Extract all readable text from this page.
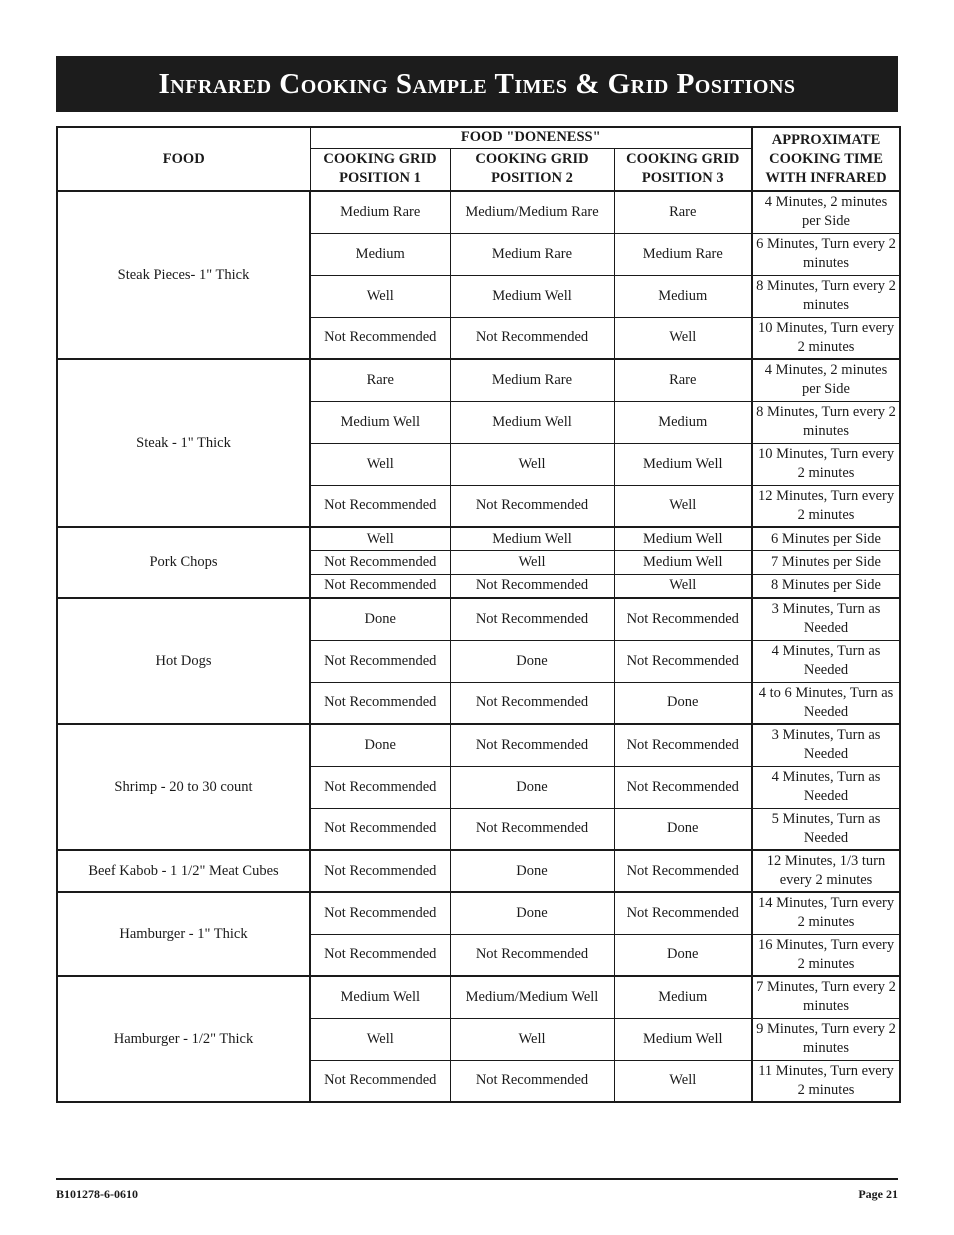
Infrared Cooking Sample Times & Grid Positions
FOOD	FOOD "DONENESS"			APPROXIMATE COOKING TIME WITH INFRARED
	COOKING GRID POSITION 1	COOKING GRID POSITION 2	COOKING GRID POSITION 3	
Steak Pieces- 1" Thick	Medium Rare	Medium/Medium Rare	Rare	4 Minutes, 2 minutes per Side
	Medium	Medium Rare	Medium Rare	6 Minutes, Turn every 2 minutes
	Well	Medium Well	Medium	8 Minutes, Turn every 2 minutes
	Not Recommended	Not Recommended	Well	10 Minutes, Turn every 2 minutes
Steak - 1" Thick	Rare	Medium Rare	Rare	4 Minutes, 2 minutes per Side
	Medium Well	Medium Well	Medium	8 Minutes, Turn every 2 minutes
	Well	Well	Medium Well	10 Minutes, Turn every 2 minutes
	Not Recommended	Not Recommended	Well	12 Minutes, Turn every 2 minutes
Pork Chops	Well	Medium Well	Medium Well	6 Minutes per Side
	Not Recommended	Well	Medium Well	7 Minutes per Side
	Not Recommended	Not Recommended	Well	8 Minutes per Side
Hot Dogs	Done	Not Recommended	Not Recommended	3 Minutes, Turn as Needed
	Not Recommended	Done	Not Recommended	4 Minutes, Turn as Needed
	Not Recommended	Not Recommended	Done	4 to 6 Minutes, Turn as Needed
Shrimp - 20 to 30 count	Done	Not Recommended	Not Recommended	3 Minutes, Turn as Needed
	Not Recommended	Done	Not Recommended	4 Minutes, Turn as Needed
	Not Recommended	Not Recommended	Done	5 Minutes, Turn as Needed
Beef Kabob - 1 1/2" Meat Cubes	Not Recommended	Done	Not Recommended	12 Minutes, 1/3 turn every 2 minutes
Hamburger - 1" Thick	Not Recommended	Done	Not Recommended	14 Minutes, Turn every 2 minutes
	Not Recommended	Not Recommended	Done	16 Minutes, Turn every 2 minutes
Hamburger - 1/2" Thick	Medium Well	Medium/Medium Well	Medium	7 Minutes, Turn every 2 minutes
	Well	Well	Medium Well	9 Minutes, Turn every 2 minutes
	Not Recommended	Not Recommended	Well	11 Minutes, Turn every 2 minutes
B101278-6-0610	Page 21
